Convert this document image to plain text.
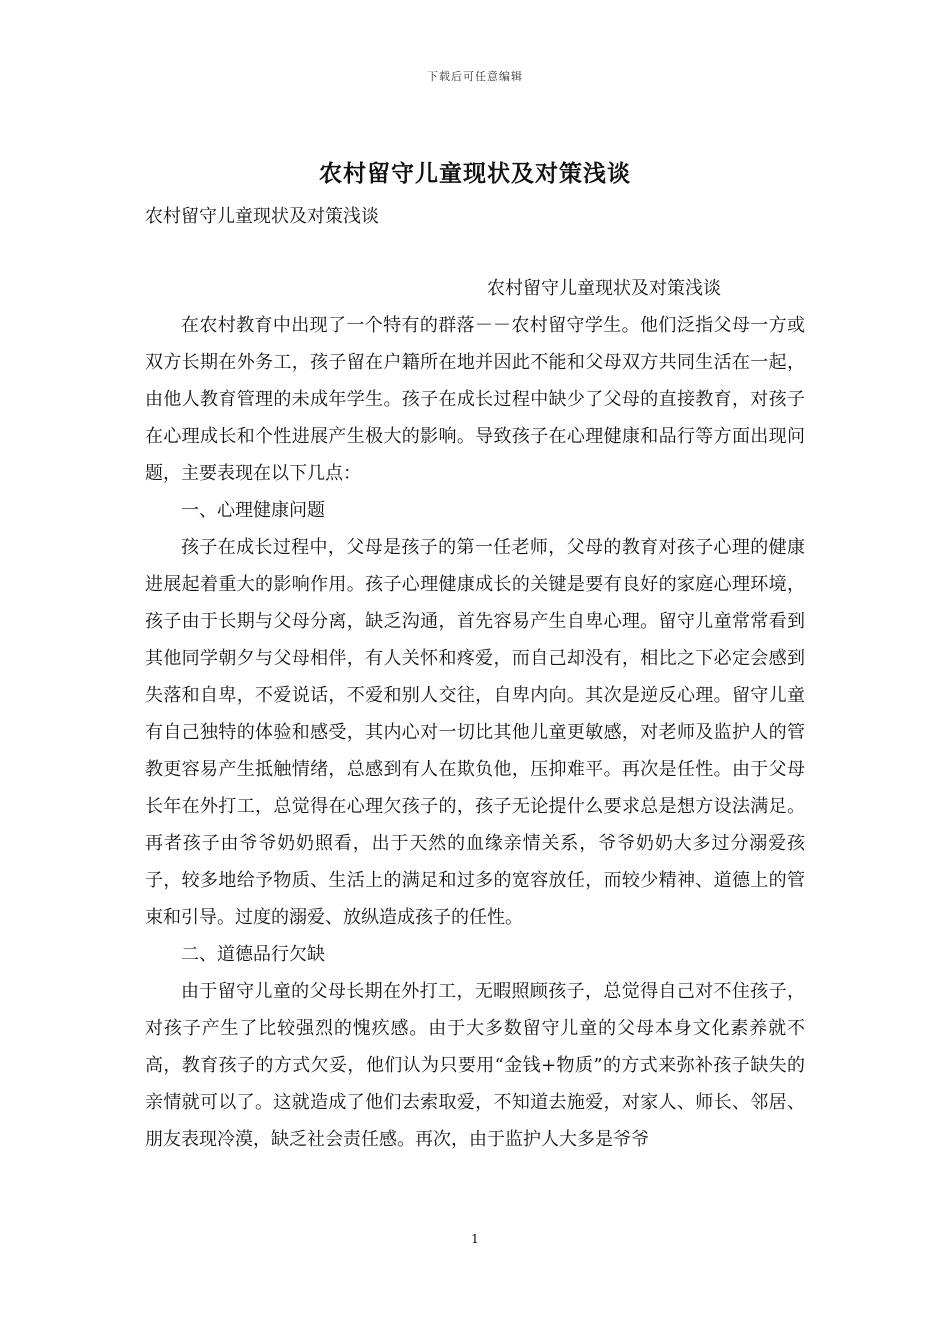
下载后可任意编辑
农村留守儿童现状及对策浅谈
农村留守儿童现状及对策浅谈
农村留守儿童现状及对策浅谈

在农村教育中出现了一个特有的群落－－农村留守学生。他们泛指父母一方或双方长期在外务工，孩子留在户籍所在地并因此不能和父母双方共同生活在一起，由他人教育管理的未成年学生。孩子在成长过程中缺少了父母的直接教育，对孩子在心理成长和个性进展产生极大的影响。导致孩子在心理健康和品行等方面出现问题，主要表现在以下几点：

一、心理健康问题

孩子在成长过程中，父母是孩子的第一任老师，父母的教育对孩子心理的健康进展起着重大的影响作用。孩子心理健康成长的关键是要有良好的家庭心理环境，孩子由于长期与父母分离，缺乏沟通，首先容易产生自卑心理。留守儿童常常看到其他同学朝夕与父母相伴，有人关怀和疼爱，而自己却没有，相比之下必定会感到失落和自卑，不爱说话，不爱和别人交往，自卑内向。其次是逆反心理。留守儿童有自己独特的体验和感受，其内心对一切比其他儿童更敏感，对老师及监护人的管教更容易产生抵触情绪，总感到有人在欺负他，压抑难平。再次是任性。由于父母长年在外打工，总觉得在心理欠孩子的，孩子无论提什么要求总是想方设法满足。再者孩子由爷爷奶奶照看，出于天然的血缘亲情关系，爷爷奶奶大多过分溺爱孩子，较多地给予物质、生活上的满足和过多的宽容放任，而较少精神、道德上的管束和引导。过度的溺爱、放纵造成孩子的任性。

二、道德品行欠缺

由于留守儿童的父母长期在外打工，无暇照顾孩子，总觉得自己对不住孩子，对孩子产生了比较强烈的愧疚感。由于大多数留守儿童的父母本身文化素养就不高，教育孩子的方式欠妥，他们认为只要用“金钱+物质”的方式来弥补孩子缺失的亲情就可以了。这就造成了他们去索取爱，不知道去施爱，对家人、师长、邻居、朋友表现冷漠，缺乏社会责任感。再次，由于监护人大多是爷爷

1
